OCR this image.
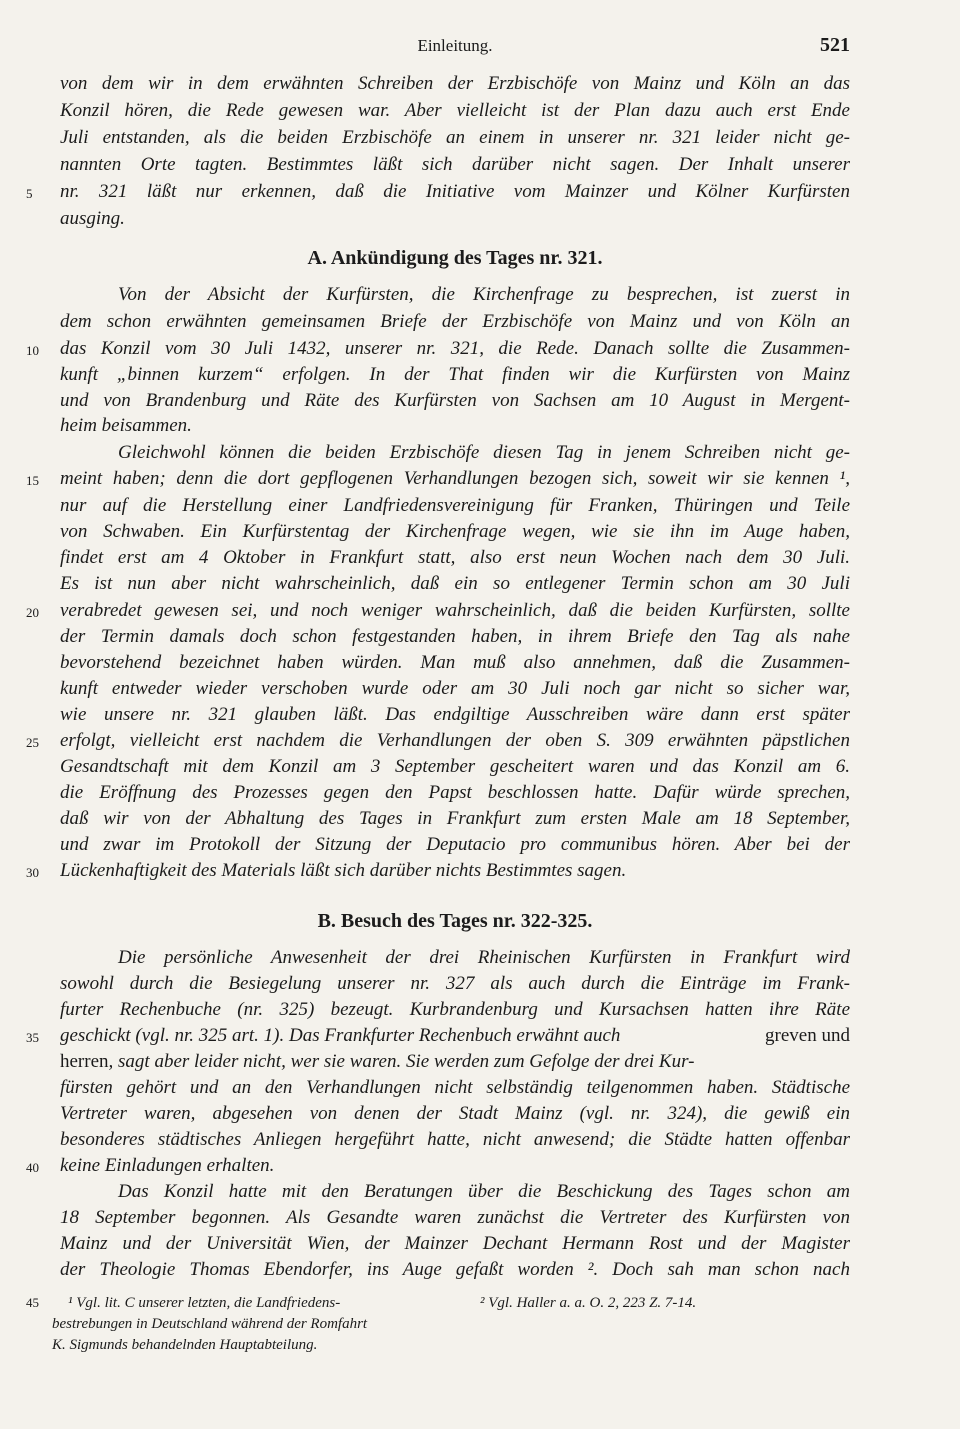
Einleitung.	521
von dem wir in dem erwähnten Schreiben der Erzbischöfe von Mainz und Köln an das
Konzil hören, die Rede gewesen war. Aber vielleicht ist der Plan dazu auch erst Ende
Juli entstanden, als die beiden Erzbischöfe an einem in unserer nr. 321 leider nicht ge-
nannten Orte tagten. Bestimmtes läßt sich darüber nicht sagen. Der Inhalt unserer
5	nr. 321 läßt nur erkennen, daß die Initiative vom Mainzer und Kölner Kurfürsten
ausging.
A. Ankündigung des Tages nr. 321.
Von der Absicht der Kurfürsten, die Kirchenfrage zu besprechen, ist zuerst in
dem schon erwähnten gemeinsamen Briefe der Erzbischöfe von Mainz und von Köln an
10	das Konzil vom 30 Juli 1432, unserer nr. 321, die Rede. Danach sollte die Zusammen-
kunft „binnen kurzem“ erfolgen. In der That finden wir die Kurfürsten von Mainz
und von Brandenburg und Räte des Kurfürsten von Sachsen am 10 August in Mergent-
heim beisammen.
Gleichwohl können die beiden Erzbischöfe diesen Tag in jenem Schreiben nicht ge-
15	meint haben; denn die dort gepflogenen Verhandlungen bezogen sich, soweit wir sie kennen ¹,
nur auf die Herstellung einer Landfriedensvereinigung für Franken, Thüringen und Teile
von Schwaben. Ein Kurfürstentag der Kirchenfrage wegen, wie sie ihn im Auge haben,
findet erst am 4 Oktober in Frankfurt statt, also erst neun Wochen nach dem 30 Juli.
Es ist nun aber nicht wahrscheinlich, daß ein so entlegener Termin schon am 30 Juli
20	verabredet gewesen sei, und noch weniger wahrscheinlich, daß die beiden Kurfürsten, sollte
der Termin damals doch schon festgestanden haben, in ihrem Briefe den Tag als nahe
bevorstehend bezeichnet haben würden. Man muß also annehmen, daß die Zusammen-
kunft entweder wieder verschoben wurde oder am 30 Juli noch gar nicht so sicher war,
wie unsere nr. 321 glauben läßt. Das endgiltige Ausschreiben wäre dann erst später
25	erfolgt, vielleicht erst nachdem die Verhandlungen der oben S. 309 erwähnten päpstlichen
Gesandtschaft mit dem Konzil am 3 September gescheitert waren und das Konzil am 6.
die Eröffnung des Prozesses gegen den Papst beschlossen hatte. Dafür würde sprechen,
daß wir von der Abhaltung des Tages in Frankfurt zum ersten Male am 18 September,
und zwar im Protokoll der Sitzung der Deputacio pro communibus hören. Aber bei der
30	Lückenhaftigkeit des Materials läßt sich darüber nichts Bestimmtes sagen.
B. Besuch des Tages nr. 322-325.
Die persönliche Anwesenheit der drei Rheinischen Kurfürsten in Frankfurt wird
sowohl durch die Besiegelung unserer nr. 327 als auch durch die Einträge im Frank-
furter Rechenbuche (nr. 325) bezeugt. Kurbrandenburg und Kursachsen hatten ihre Räte
35	geschickt (vgl. nr. 325 art. 1). Das Frankfurter Rechenbuch erwähnt auch	greven und
herren, sagt aber leider nicht, wer sie waren. Sie werden zum Gefolge der drei Kur-
fürsten gehört und an den Verhandlungen nicht selbständig teilgenommen haben. Städtische
Vertreter waren, abgesehen von denen der Stadt Mainz (vgl. nr. 324), die gewiß ein
besonderes städtisches Anliegen hergeführt hatte, nicht anwesend; die Städte hatten offenbar
40	keine Einladungen erhalten.
Das Konzil hatte mit den Beratungen über die Beschickung des Tages schon am
18 September begonnen. Als Gesandte waren zunächst die Vertreter des Kurfürsten von
Mainz und der Universität Wien, der Mainzer Dechant Hermann Rost und der Magister
der Theologie Thomas Ebendorfer, ins Auge gefaßt worden ². Doch sah man schon nach
45 ¹ Vgl. lit. C unserer letzten, die Landfriedens-
bestrebungen in Deutschland während der Romfahrt
K. Sigmunds behandelnden Hauptabteilung.
² Vgl. Haller a. a. O. 2, 223 Z. 7-14.
